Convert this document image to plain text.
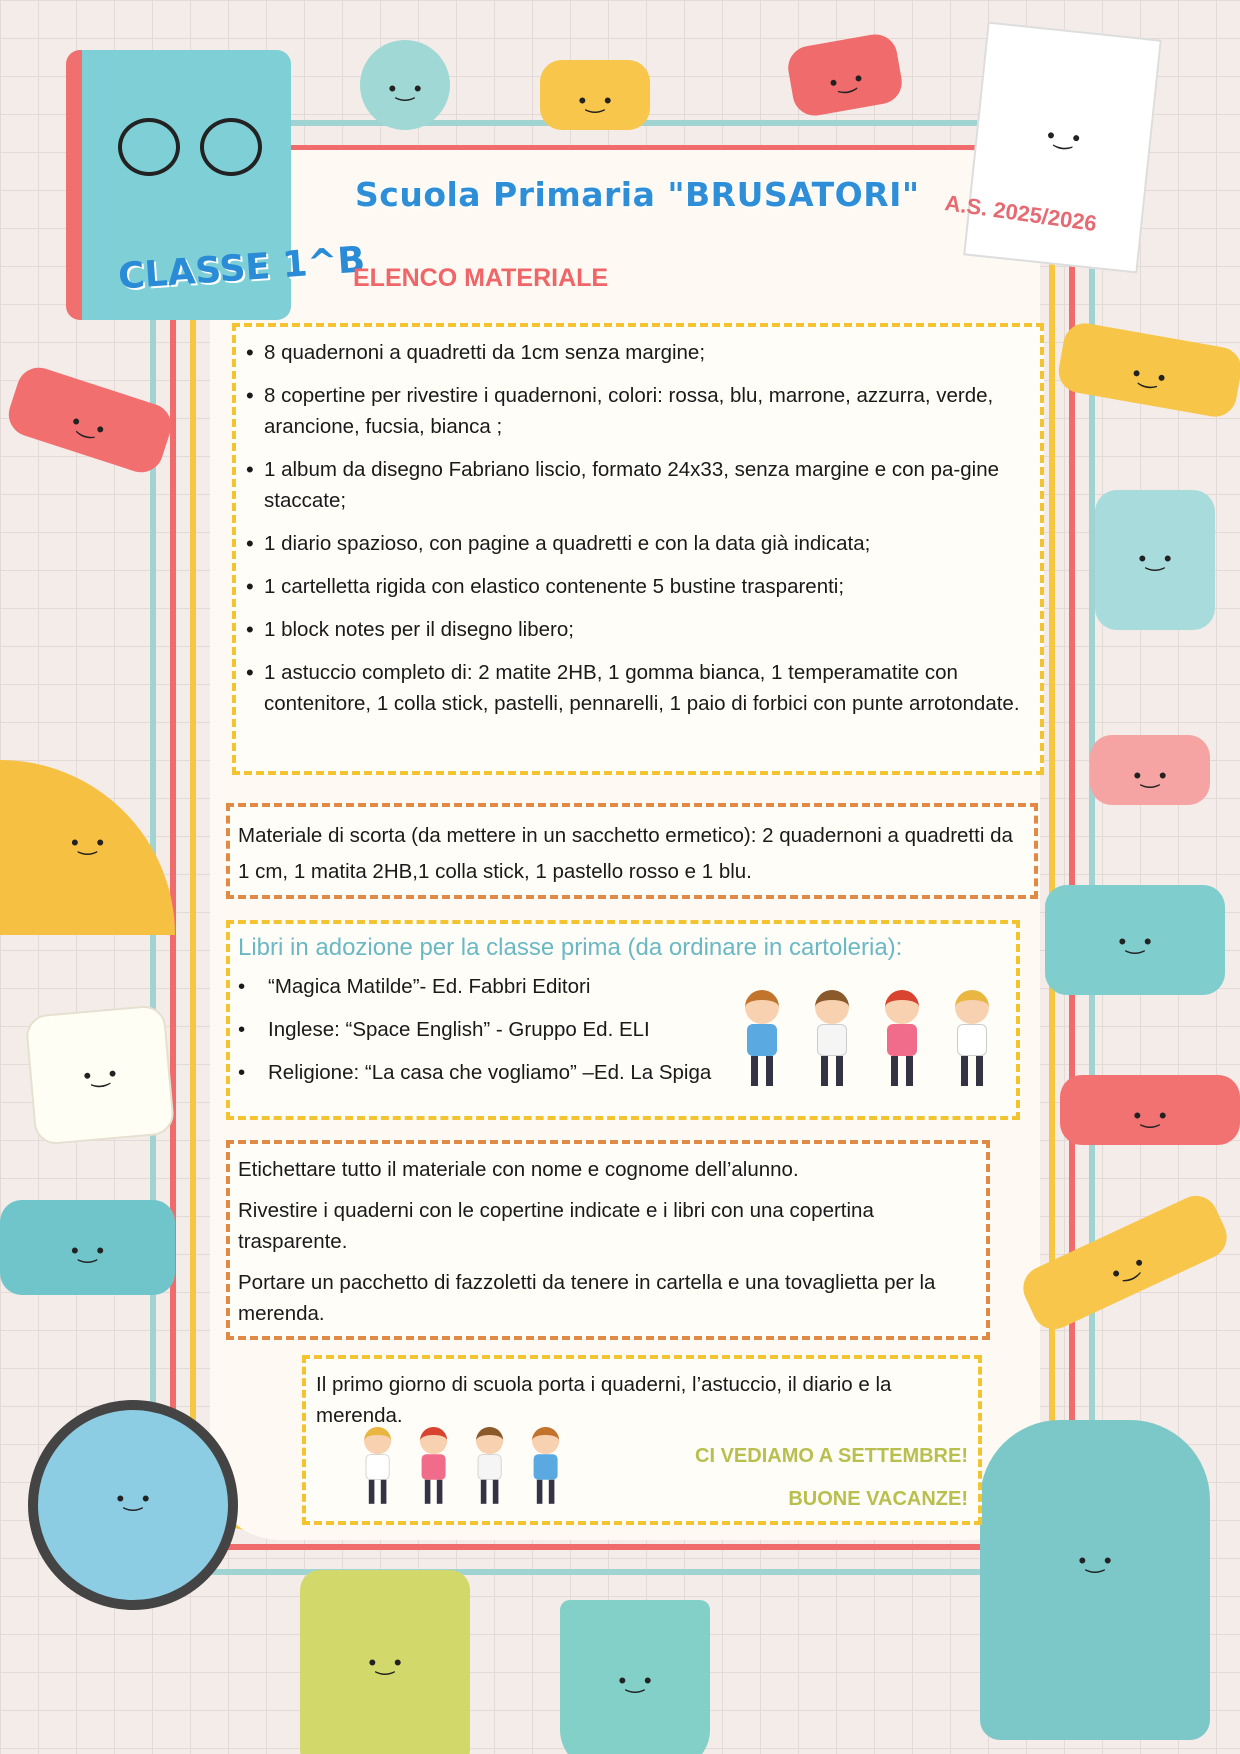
CLASSE 1^B
•‿•
•‿•
•‿•
•‿•
•‿•
•‿•
•‿•
•‿•
•‿•
•‿•
•‿•
•‿•
•‿•
•‿•
•‿•
•‿•
•‿•
•‿•
Scuola Primaria "BRUSATORI" A.S. 2025/2026
ELENCO MATERIALE
• 8 quadernoni a quadretti da 1cm senza margine;
• 8 copertine per rivestire i quadernoni, colori: rossa, blu, marrone, azzurra, verde, arancione, fucsia, bianca ;
• 1 album da disegno Fabriano liscio, formato 24x33, senza margine e con pa-gine staccate;
• 1 diario spazioso, con pagine a quadretti e con la data già indicata;
• 1 cartelletta rigida con elastico contenente 5 bustine trasparenti;
• 1 block notes per il disegno libero;
• 1 astuccio completo di: 2 matite 2HB, 1 gomma bianca, 1 temperamatite con contenitore, 1 colla stick, pastelli, pennarelli, 1 paio di forbici con punte arrotondate.

Materiale di scorta (da mettere in un sacchetto ermetico): 2 quadernoni a quadretti da 1 cm, 1 matita 2HB,1 colla stick, 1 pastello rosso e 1 blu.

Libri in adozione per la classe prima (da ordinare in cartoleria):
• “Magica Matilde”- Ed. Fabbri Editori
• Inglese: “Space English” - Gruppo Ed. ELI
• Religione: “La casa che vogliamo” –Ed. La Spiga

Etichettare tutto il materiale con nome e cognome dell’alunno.

Rivestire i quaderni con le copertine indicate e i libri con una copertina trasparente.

Portare un pacchetto di fazzoletti da tenere in cartella e una tovaglietta per la merenda.

Il primo giorno di scuola porta i quaderni, l’astuccio, il diario e la merenda.

CI VEDIAMO A SETTEMBRE!
BUONE VACANZE!
